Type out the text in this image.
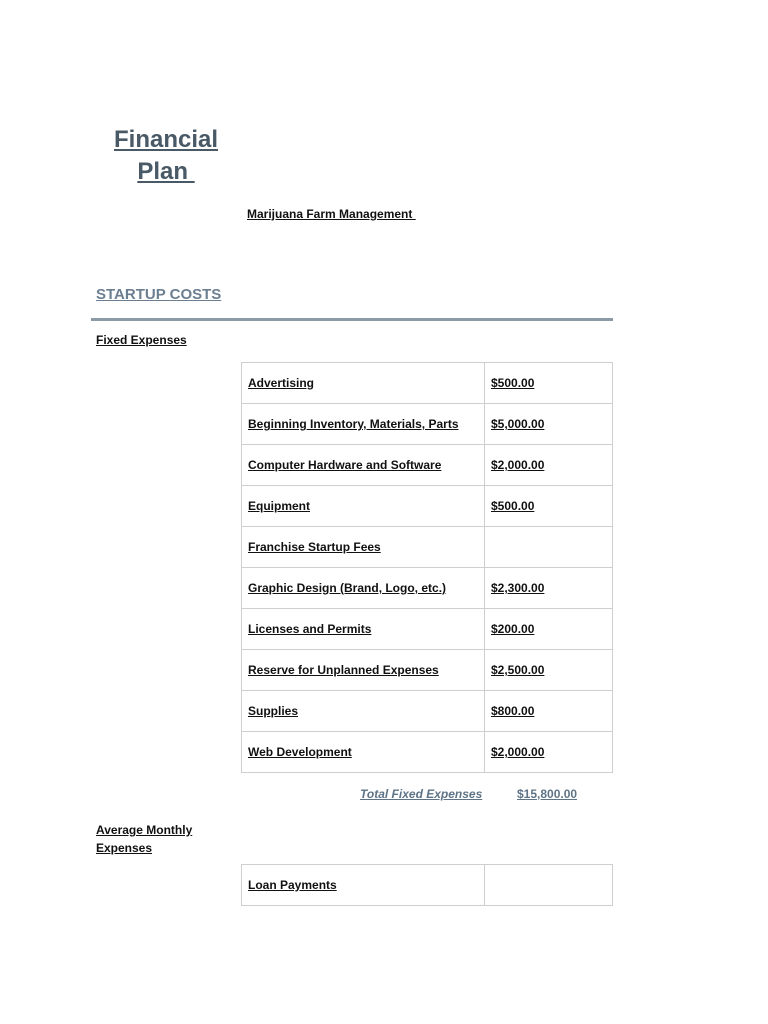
Financial
Plan
Marijuana Farm Management
STARTUP COSTS
Fixed Expenses
Advertising	$500.00
Beginning Inventory, Materials, Parts	$5,000.00
Computer Hardware and Software	$2,000.00
Equipment	$500.00
Franchise Startup Fees	
Graphic Design (Brand, Logo, etc.)	$2,300.00
Licenses and Permits	$200.00
Reserve for Unplanned Expenses	$2,500.00
Supplies	$800.00
Web Development	$2,000.00
Total Fixed Expenses	$15,800.00
Average Monthly
Expenses
Loan Payments	
